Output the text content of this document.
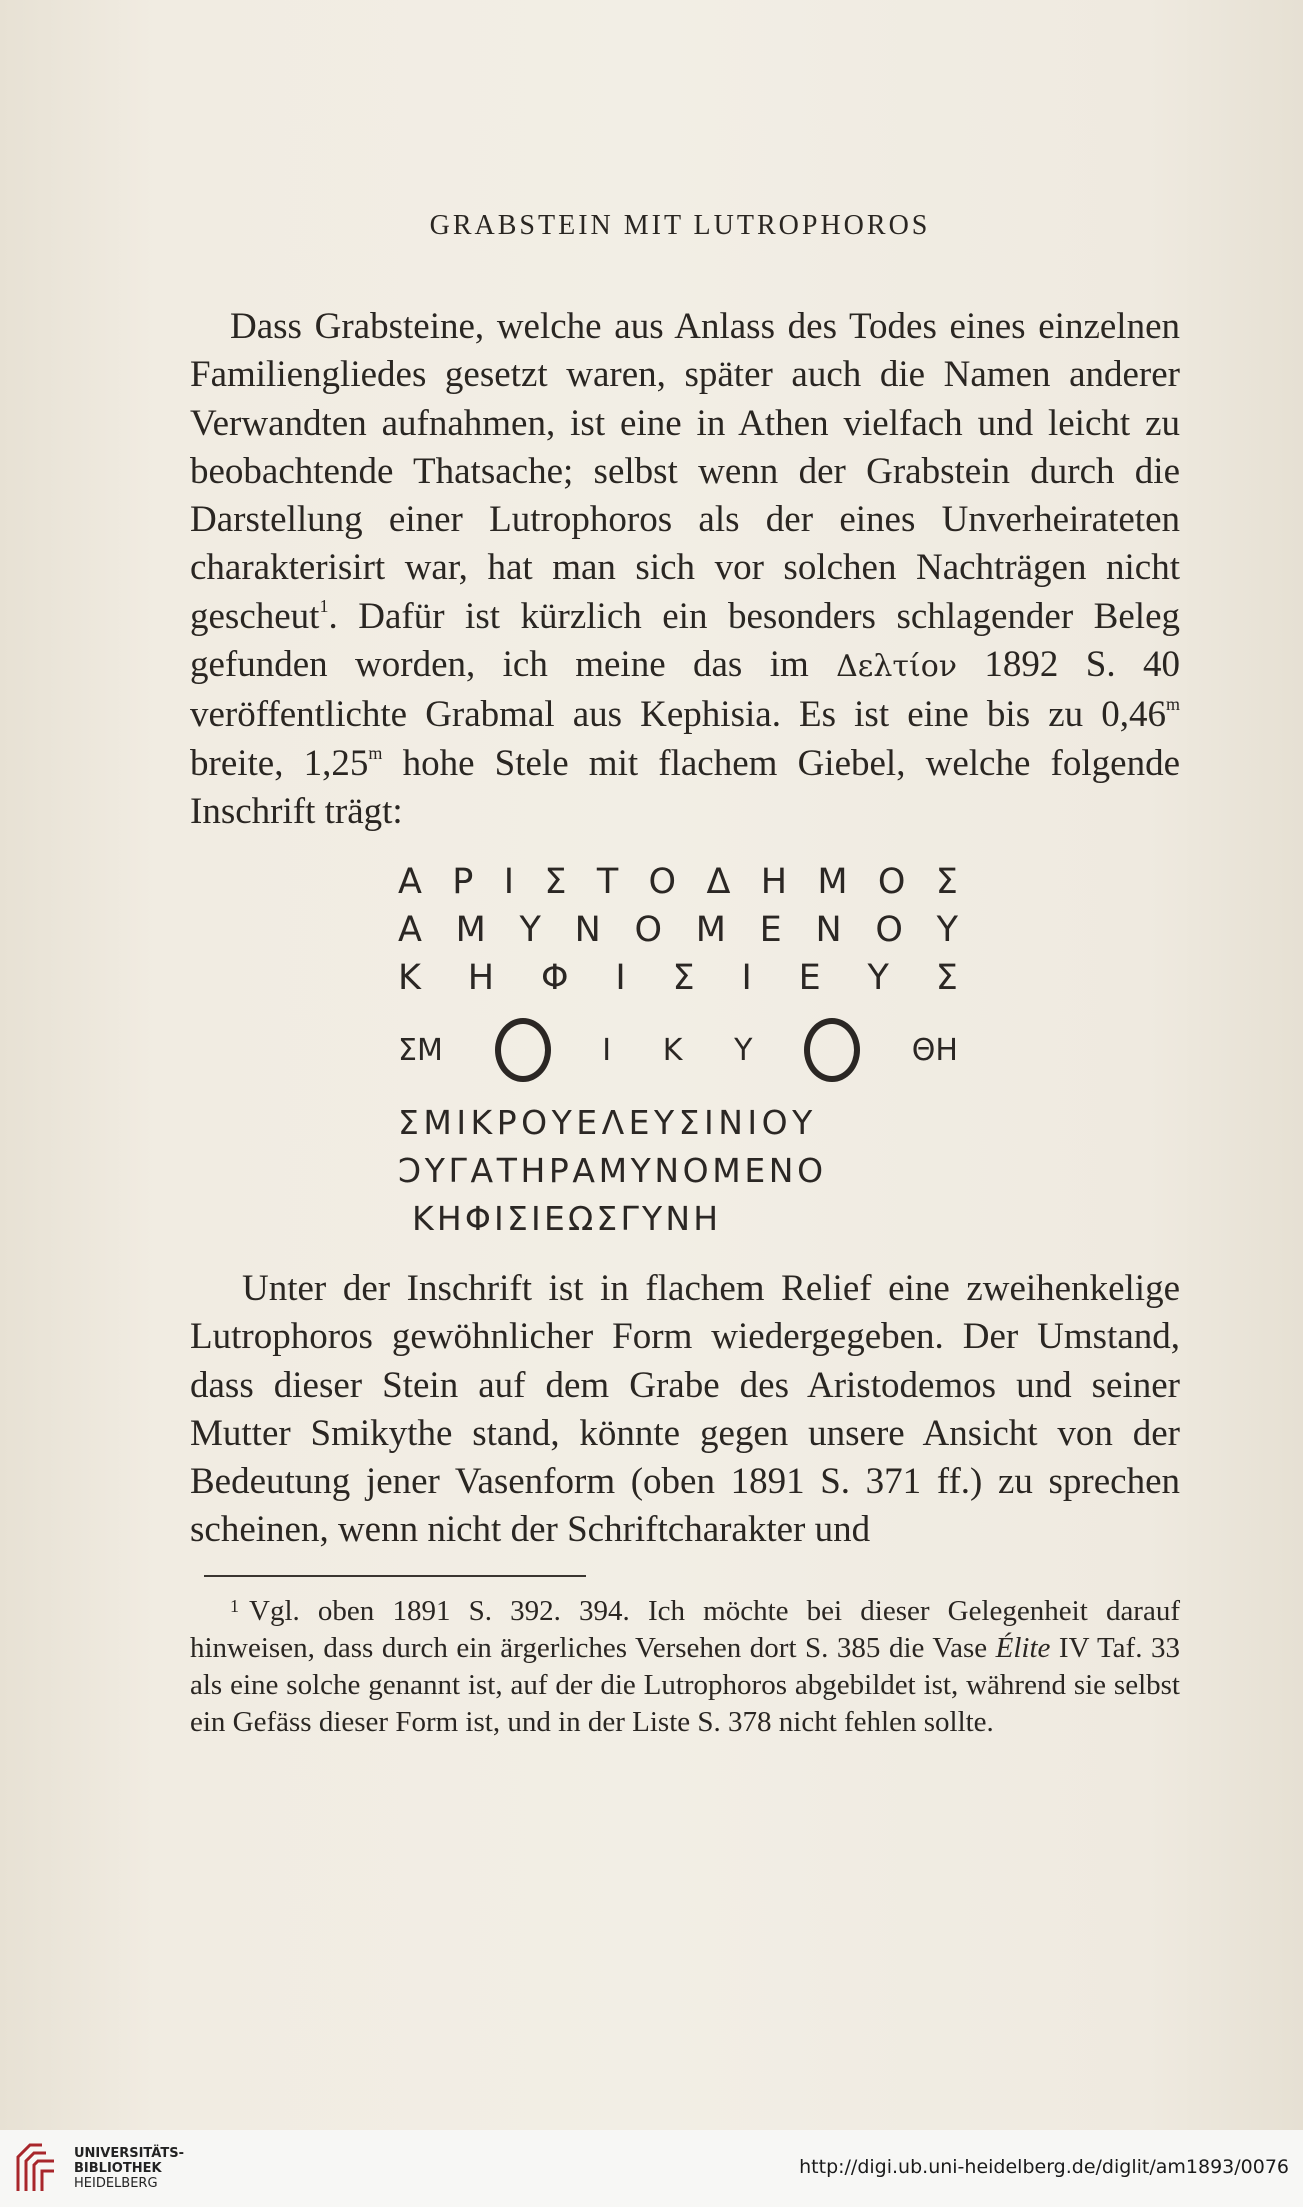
GRABSTEIN MIT LUTROPHOROS

Dass Grabsteine, welche aus Anlass des Todes eines einzelnen Familiengliedes gesetzt waren, später auch die Namen anderer Verwandten aufnahmen, ist eine in Athen vielfach und leicht zu beobachtende Thatsache; selbst wenn der Grabstein durch die Darstellung einer Lutrophoros als der eines Unverheirateten charakterisirt war, hat man sich vor solchen Nachträgen nicht gescheut$^1$. Dafür ist kürzlich ein besonders schlagender Beleg gefunden worden, ich meine das im Δελτίον 1892 S. 40 veröffentlichte Grabmal aus Kephisia. Es ist eine bis zu 0,46$^m$ breite, 1,25$^m$ hohe Stele mit flachem Giebel, welche folgende Inschrift trägt:

Α Ρ Ι Σ Τ Ο Δ Η Μ Ο Σ
Α Μ Υ Ν Ο Μ Ε Ν Ο Υ
Κ Η Φ Ι Σ Ι Ε Υ Σ
ΣΜ	Ι Κ Υ	ΘΗ
ΣΜΙΚΡΟΥΕΛΕΥΣΙΝΙΟΥ
ϽΥΓΑΤΗΡΑΜΥΝΟΜΕΝΟ
ΚΗΦΙΣΙΕΩΣΓΥΝΗ

Unter der Inschrift ist in flachem Relief eine zweihenkelige Lutrophoros gewöhnlicher Form wiedergegeben. Der Umstand, dass dieser Stein auf dem Grabe des Aristodemos und seiner Mutter Smikythe stand, könnte gegen unsere Ansicht von der Bedeutung jener Vasenform (oben 1891 S. 371 ff.) zu sprechen scheinen, wenn nicht der Schriftcharakter und

$^1$ Vgl. oben 1891 S. 392. 394. Ich möchte bei dieser Gelegenheit darauf hinweisen, dass durch ein ärgerliches Versehen dort S. 385 die Vase Élite IV Taf. 33 als eine solche genannt ist, auf der die Lutrophoros abgebildet ist, während sie selbst ein Gefäss dieser Form ist, und in der Liste S. 378 nicht fehlen sollte.

UNIVERSITÄTS-
BIBLIOTHEK
HEIDELBERG
http://digi.ub.uni-heidelberg.de/diglit/am1893/0076
